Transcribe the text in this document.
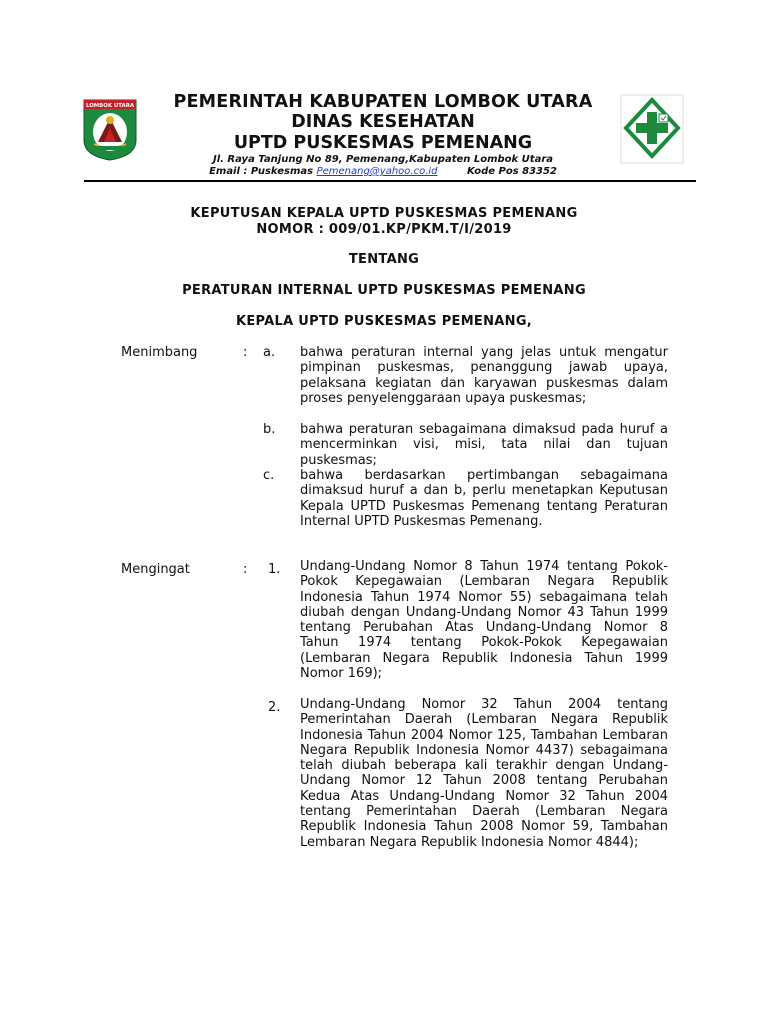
LOMBOK UTARA	PEMERINTAH KABUPATEN LOMBOK UTARA
DINAS KESEHATAN
UPTD PUSKESMAS PEMENANG
Jl. Raya Tanjung No 89, Pemenang,Kabupaten Lombok Utara
Email : Puskesmas Pemenang@yahoo.co.id	Kode Pos 83352
KEPUTUSAN KEPALA UPTD PUSKESMAS PEMENANG
NOMOR : 009/01.KP/PKM.T/I/2019
TENTANG
PERATURAN INTERNAL UPTD PUSKESMAS PEMENANG
KEPALA UPTD PUSKESMAS PEMENANG,
Menimbang	: a. bahwa peraturan internal yang jelas untuk mengatur pimpinan puskesmas, penanggung jawab upaya, pelaksana kegiatan dan karyawan puskesmas dalam proses penyelenggaraan upaya puskesmas;
b. bahwa peraturan sebagaimana dimaksud pada huruf a mencerminkan visi, misi, tata nilai dan tujuan puskesmas;
c. bahwa berdasarkan pertimbangan sebagaimana dimaksud huruf a dan b, perlu menetapkan Keputusan Kepala UPTD Puskesmas Pemenang tentang Peraturan Internal UPTD Puskesmas Pemenang.
Mengingat	: 1. Undang-Undang Nomor 8 Tahun 1974 tentang Pokok-Pokok Kepegawaian (Lembaran Negara Republik Indonesia Tahun 1974 Nomor 55) sebagaimana telah diubah dengan Undang-Undang Nomor 43 Tahun 1999 tentang Perubahan Atas Undang-Undang Nomor 8 Tahun 1974 tentang Pokok-Pokok Kepegawaian (Lembaran Negara Republik Indonesia Tahun 1999 Nomor 169);
2. Undang-Undang Nomor 32 Tahun 2004 tentang Pemerintahan Daerah (Lembaran Negara Republik Indonesia Tahun 2004 Nomor 125, Tambahan Lembaran Negara Republik Indonesia Nomor 4437) sebagaimana telah diubah beberapa kali terakhir dengan Undang-Undang Nomor 12 Tahun 2008 tentang Perubahan Kedua Atas Undang-Undang Nomor 32 Tahun 2004 tentang Pemerintahan Daerah (Lembaran Negara Republik Indonesia Tahun 2008 Nomor 59, Tambahan Lembaran Negara Republik Indonesia Nomor 4844);
